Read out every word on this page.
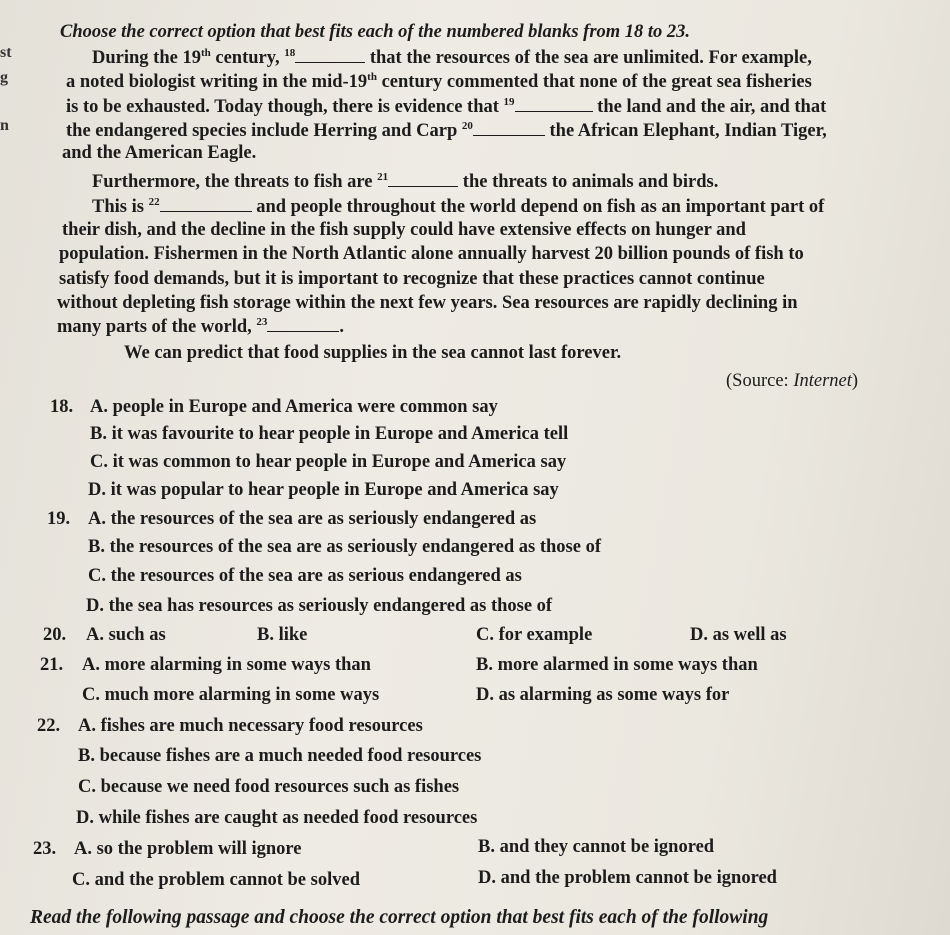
st
g
n
Choose the correct option that best fits each of the numbered blanks from 18 to 23.
During the 19th century, $^{18}$	that the resources of the sea are unlimited. For example,
a noted biologist writing in the mid-19th century commented that none of the great sea fisheries
is to be exhausted. Today though, there is evidence that $^{19}$	the land and the air, and that
the endangered species include Herring and Carp $^{20}$	the African Elephant, Indian Tiger,
and the American Eagle.
Furthermore, the threats to fish are $^{21}$	the threats to animals and birds.
This is $^{22}$	and people throughout the world depend on fish as an important part of
their dish, and the decline in the fish supply could have extensive effects on hunger and
population. Fishermen in the North Atlantic alone annually harvest 20 billion pounds of fish to
satisfy food demands, but it is important to recognize that these practices cannot continue
without depleting fish storage within the next few years. Sea resources are rapidly declining in
many parts of the world, $^{23}$	.
We can predict that food supplies in the sea cannot last forever.
(Source: Internet)
18. A. people in Europe and America were common say
B. it was favourite to hear people in Europe and America tell
C. it was common to hear people in Europe and America say
D. it was popular to hear people in Europe and America say
19. A. the resources of the sea are as seriously endangered as
B. the resources of the sea are as seriously endangered as those of
C. the resources of the sea are as serious endangered as
D. the sea has resources as seriously endangered as those of
20. A. such as	B. like	C. for example	D. as well as
21. A. more alarming in some ways than	B. more alarmed in some ways than
C. much more alarming in some ways	D. as alarming as some ways for
22. A. fishes are much necessary food resources
B. because fishes are a much needed food resources
C. because we need food resources such as fishes
D. while fishes are caught as needed food resources
23. A. so the problem will ignore	B. and they cannot be ignored
C. and the problem cannot be solved	D. and the problem cannot be ignored
Read the following passage and choose the correct option that best fits each of the following
